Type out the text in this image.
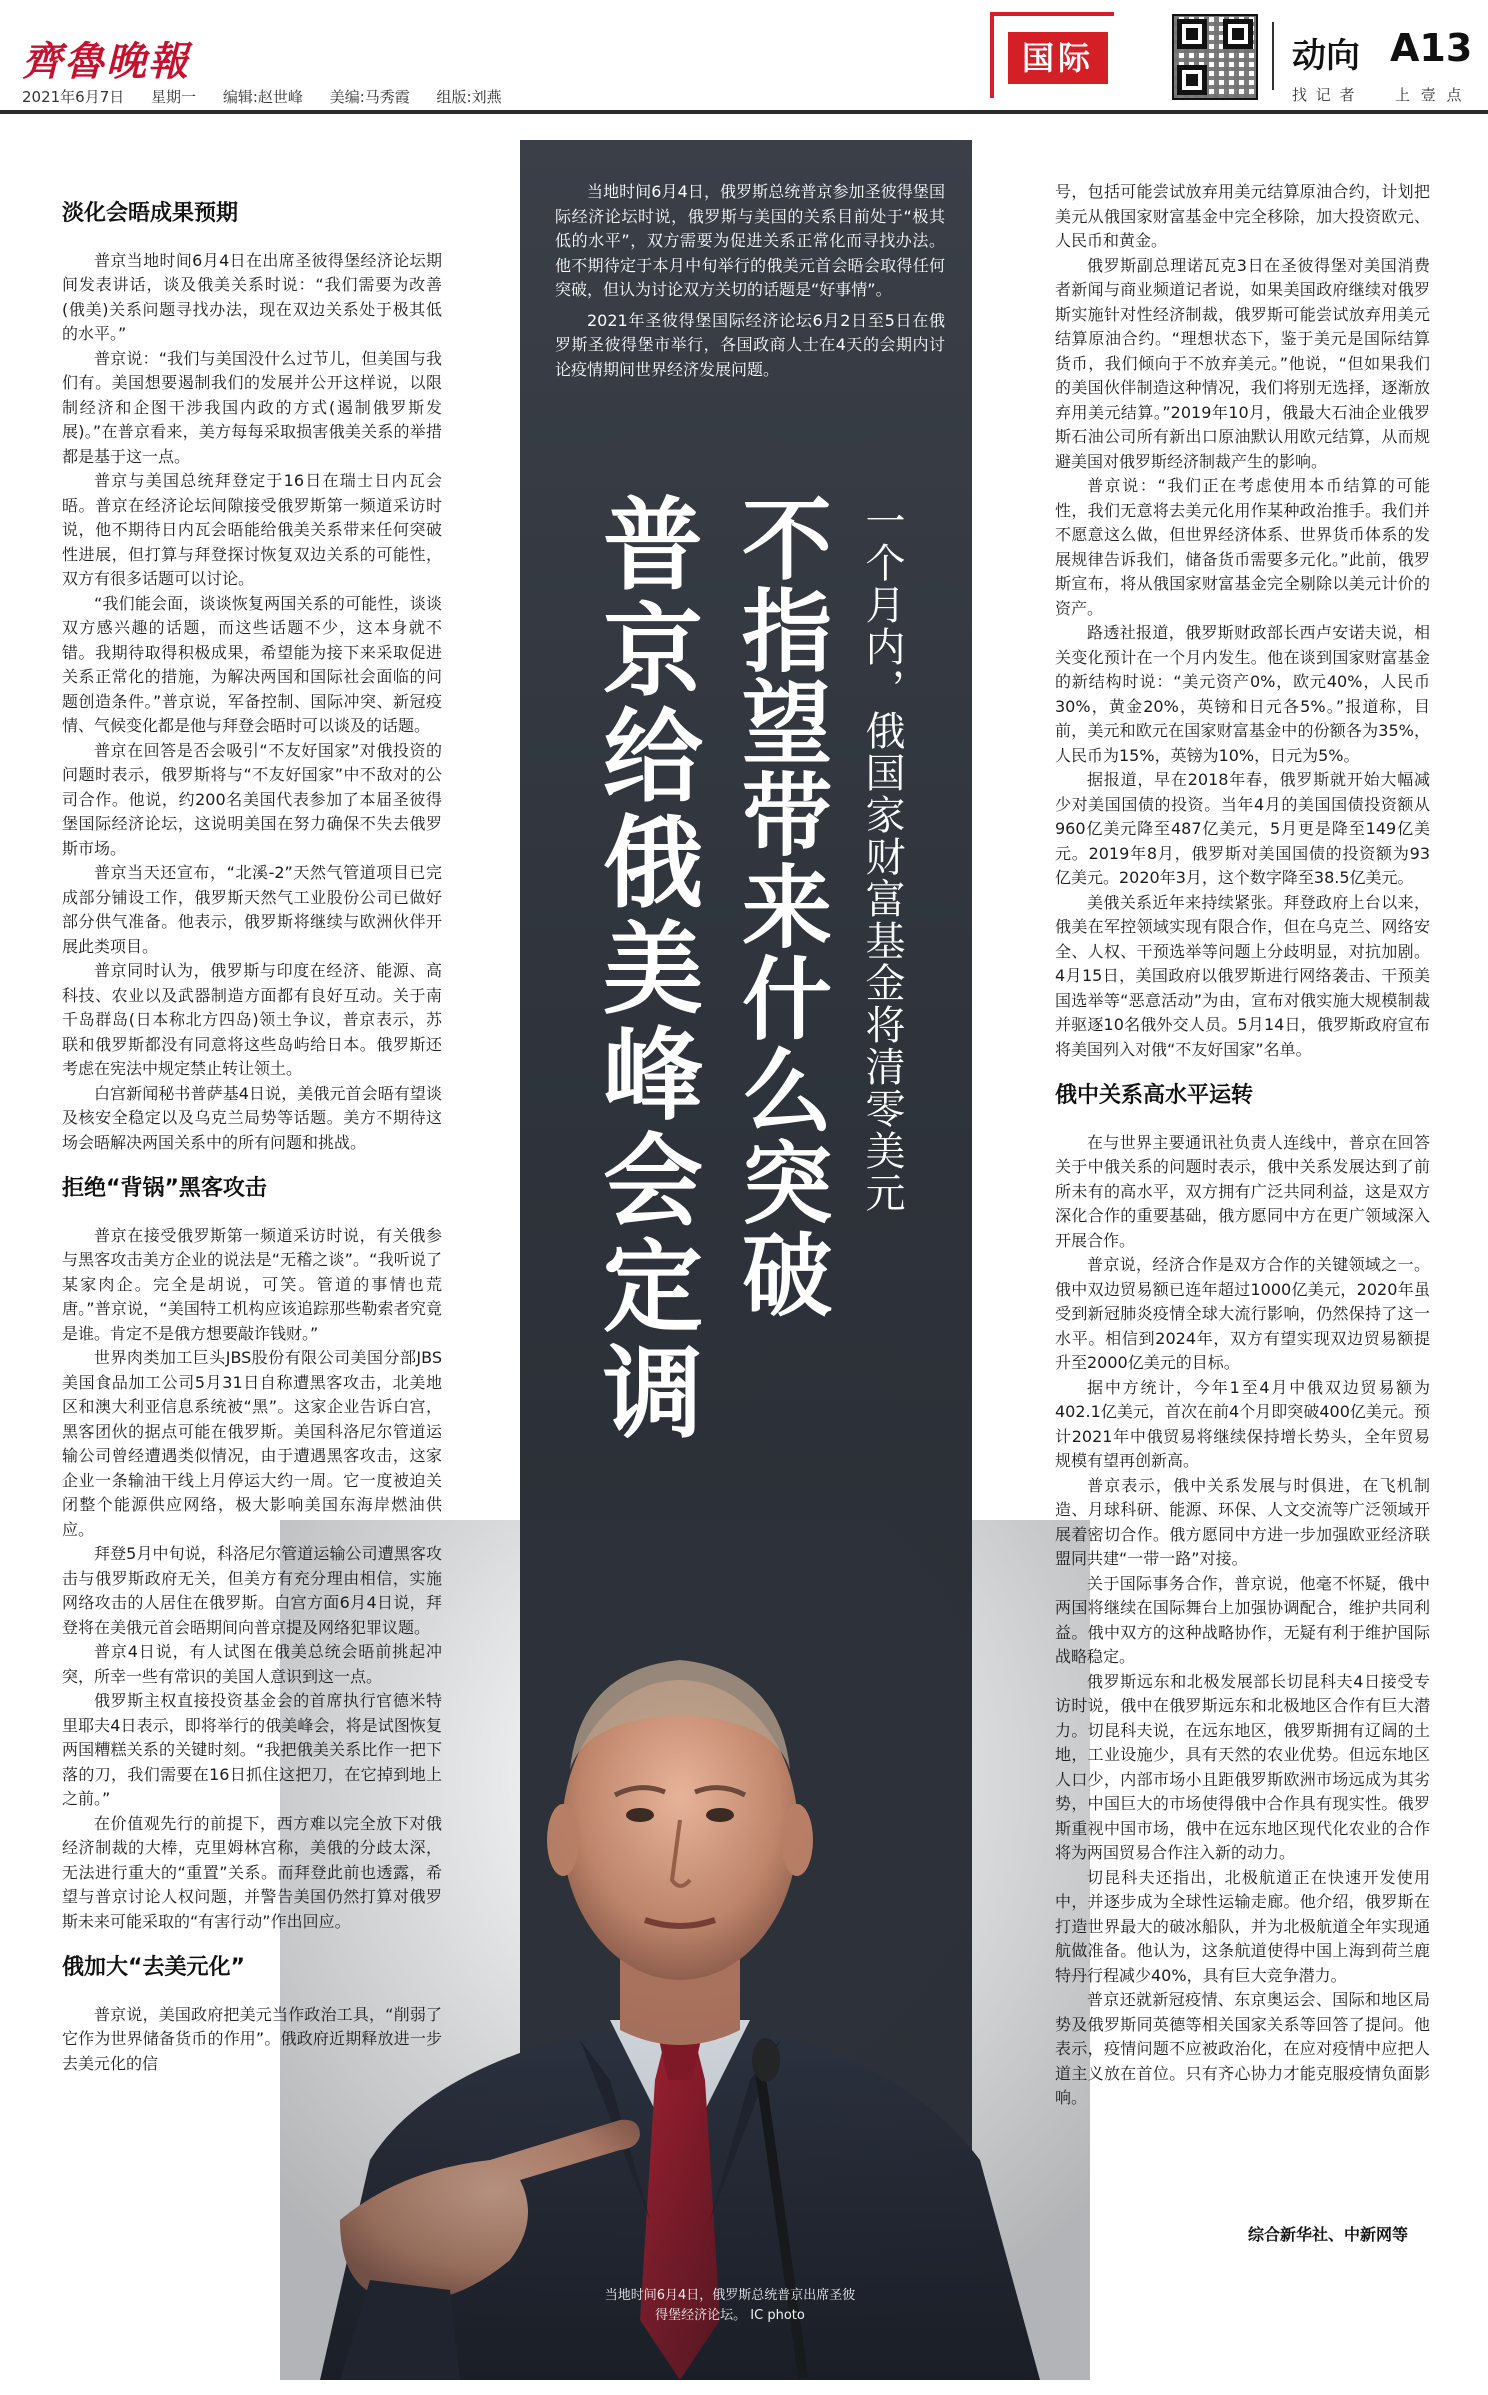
齊魯晚報
2021年6月7日 星期一 编辑:赵世峰 美编:马秀霞 组版:刘燕
国际	动向 A13
找 记 者	上 壹 点

当地时间6月4日，俄罗斯总统普京参加圣彼得堡国际经济论坛时说，俄罗斯与美国的关系目前处于“极其低的水平”，双方需要为促进关系正常化而寻找办法。他不期待定于本月中旬举行的俄美元首会晤会取得任何突破，但认为讨论双方关切的话题是“好事情”。

2021年圣彼得堡国际经济论坛6月2日至5日在俄罗斯圣彼得堡市举行，各国政商人士在4天的会期内讨论疫情期间世界经济发展问题。

普京给俄美峰会定调 不指望带来什么突破 一个月内，俄国家财富基金将清零美元
当地时间6月4日，俄罗斯总统普京出席圣彼得堡经济论坛。 IC photo
淡化会晤成果预期

普京当地时间6月4日在出席圣彼得堡经济论坛期间发表讲话，谈及俄美关系时说：“我们需要为改善(俄美)关系问题寻找办法，现在双边关系处于极其低的水平。”

普京说：“我们与美国没什么过节儿，但美国与我们有。美国想要遏制我们的发展并公开这样说，以限制经济和企图干涉我国内政的方式(遏制俄罗斯发展)。”在普京看来，美方每每采取损害俄美关系的举措都是基于这一点。

普京与美国总统拜登定于16日在瑞士日内瓦会晤。普京在经济论坛间隙接受俄罗斯第一频道采访时说，他不期待日内瓦会晤能给俄美关系带来任何突破性进展，但打算与拜登探讨恢复双边关系的可能性，双方有很多话题可以讨论。

“我们能会面，谈谈恢复两国关系的可能性，谈谈双方感兴趣的话题，而这些话题不少，这本身就不错。我期待取得积极成果，希望能为接下来采取促进关系正常化的措施，为解决两国和国际社会面临的问题创造条件。”普京说，军备控制、国际冲突、新冠疫情、气候变化都是他与拜登会晤时可以谈及的话题。

普京在回答是否会吸引“不友好国家”对俄投资的问题时表示，俄罗斯将与“不友好国家”中不敌对的公司合作。他说，约200名美国代表参加了本届圣彼得堡国际经济论坛，这说明美国在努力确保不失去俄罗斯市场。

普京当天还宣布，“北溪-2”天然气管道项目已完成部分铺设工作，俄罗斯天然气工业股份公司已做好部分供气准备。他表示，俄罗斯将继续与欧洲伙伴开展此类项目。

普京同时认为，俄罗斯与印度在经济、能源、高科技、农业以及武器制造方面都有良好互动。关于南千岛群岛(日本称北方四岛)领土争议，普京表示，苏联和俄罗斯都没有同意将这些岛屿给日本。俄罗斯还考虑在宪法中规定禁止转让领土。

白宫新闻秘书普萨基4日说，美俄元首会晤有望谈及核安全稳定以及乌克兰局势等话题。美方不期待这场会晤解决两国关系中的所有问题和挑战。

拒绝“背锅”黑客攻击

普京在接受俄罗斯第一频道采访时说，有关俄参与黑客攻击美方企业的说法是“无稽之谈”。“我听说了某家肉企。完全是胡说，可笑。管道的事情也荒唐。”普京说，“美国特工机构应该追踪那些勒索者究竟是谁。肯定不是俄方想要敲诈钱财。”

世界肉类加工巨头JBS股份有限公司美国分部JBS美国食品加工公司5月31日自称遭黑客攻击，北美地区和澳大利亚信息系统被“黑”。这家企业告诉白宫，黑客团伙的据点可能在俄罗斯。美国科洛尼尔管道运输公司曾经遭遇类似情况，由于遭遇黑客攻击，这家企业一条输油干线上月停运大约一周。它一度被迫关闭整个能源供应网络，极大影响美国东海岸燃油供应。

拜登5月中旬说，科洛尼尔管道运输公司遭黑客攻击与俄罗斯政府无关，但美方有充分理由相信，实施网络攻击的人居住在俄罗斯。白宫方面6月4日说，拜登将在美俄元首会晤期间向普京提及网络犯罪议题。

普京4日说，有人试图在俄美总统会晤前挑起冲突，所幸一些有常识的美国人意识到这一点。

俄罗斯主权直接投资基金会的首席执行官德米特里耶夫4日表示，即将举行的俄美峰会，将是试图恢复两国糟糕关系的关键时刻。“我把俄美关系比作一把下落的刀，我们需要在16日抓住这把刀，在它掉到地上之前。”

在价值观先行的前提下，西方难以完全放下对俄经济制裁的大棒，克里姆林宫称，美俄的分歧太深，无法进行重大的“重置”关系。而拜登此前也透露，希望与普京讨论人权问题，并警告美国仍然打算对俄罗斯未来可能采取的“有害行动”作出回应。

俄加大“去美元化”

普京说，美国政府把美元当作政治工具，“削弱了它作为世界储备货币的作用”。俄政府近期释放进一步去美元化的信

号，包括可能尝试放弃用美元结算原油合约，计划把美元从俄国家财富基金中完全移除，加大投资欧元、人民币和黄金。

俄罗斯副总理诺瓦克3日在圣彼得堡对美国消费者新闻与商业频道记者说，如果美国政府继续对俄罗斯实施针对性经济制裁，俄罗斯可能尝试放弃用美元结算原油合约。“理想状态下，鉴于美元是国际结算货币，我们倾向于不放弃美元。”他说，“但如果我们的美国伙伴制造这种情况，我们将别无选择，逐渐放弃用美元结算。”2019年10月，俄最大石油企业俄罗斯石油公司所有新出口原油默认用欧元结算，从而规避美国对俄罗斯经济制裁产生的影响。

普京说：“我们正在考虑使用本币结算的可能性，我们无意将去美元化用作某种政治推手。我们并不愿意这么做，但世界经济体系、世界货币体系的发展规律告诉我们，储备货币需要多元化。”此前，俄罗斯宣布，将从俄国家财富基金完全剔除以美元计价的资产。

路透社报道，俄罗斯财政部长西卢安诺夫说，相关变化预计在一个月内发生。他在谈到国家财富基金的新结构时说：“美元资产0%，欧元40%，人民币30%，黄金20%，英镑和日元各5%。”报道称，目前，美元和欧元在国家财富基金中的份额各为35%，人民币为15%，英镑为10%，日元为5%。

据报道，早在2018年春，俄罗斯就开始大幅减少对美国国债的投资。当年4月的美国国债投资额从960亿美元降至487亿美元，5月更是降至149亿美元。2019年8月，俄罗斯对美国国债的投资额为93亿美元。2020年3月，这个数字降至38.5亿美元。

美俄关系近年来持续紧张。拜登政府上台以来，俄美在军控领域实现有限合作，但在乌克兰、网络安全、人权、干预选举等问题上分歧明显，对抗加剧。4月15日，美国政府以俄罗斯进行网络袭击、干预美国选举等“恶意活动”为由，宣布对俄实施大规模制裁并驱逐10名俄外交人员。5月14日，俄罗斯政府宣布将美国列入对俄“不友好国家”名单。

俄中关系高水平运转

在与世界主要通讯社负责人连线中，普京在回答关于中俄关系的问题时表示，俄中关系发展达到了前所未有的高水平，双方拥有广泛共同利益，这是双方深化合作的重要基础，俄方愿同中方在更广领域深入开展合作。

普京说，经济合作是双方合作的关键领域之一。俄中双边贸易额已连年超过1000亿美元，2020年虽受到新冠肺炎疫情全球大流行影响，仍然保持了这一水平。相信到2024年，双方有望实现双边贸易额提升至2000亿美元的目标。

据中方统计，今年1至4月中俄双边贸易额为402.1亿美元，首次在前4个月即突破400亿美元。预计2021年中俄贸易将继续保持增长势头，全年贸易规模有望再创新高。

普京表示，俄中关系发展与时俱进，在飞机制造、月球科研、能源、环保、人文交流等广泛领域开展着密切合作。俄方愿同中方进一步加强欧亚经济联盟同共建“一带一路”对接。

关于国际事务合作，普京说，他毫不怀疑，俄中两国将继续在国际舞台上加强协调配合，维护共同利益。俄中双方的这种战略协作，无疑有利于维护国际战略稳定。

俄罗斯远东和北极发展部长切昆科夫4日接受专访时说，俄中在俄罗斯远东和北极地区合作有巨大潜力。切昆科夫说，在远东地区，俄罗斯拥有辽阔的土地，工业设施少，具有天然的农业优势。但远东地区人口少，内部市场小且距俄罗斯欧洲市场远成为其劣势，中国巨大的市场使得俄中合作具有现实性。俄罗斯重视中国市场，俄中在远东地区现代化农业的合作将为两国贸易合作注入新的动力。

切昆科夫还指出，北极航道正在快速开发使用中，并逐步成为全球性运输走廊。他介绍，俄罗斯在打造世界最大的破冰船队，并为北极航道全年实现通航做准备。他认为，这条航道使得中国上海到荷兰鹿特丹行程减少40%，具有巨大竞争潜力。

普京还就新冠疫情、东京奥运会、国际和地区局势及俄罗斯同英德等相关国家关系等回答了提问。他表示，疫情问题不应被政治化，在应对疫情中应把人道主义放在首位。只有齐心协力才能克服疫情负面影响。

综合新华社、中新网等
